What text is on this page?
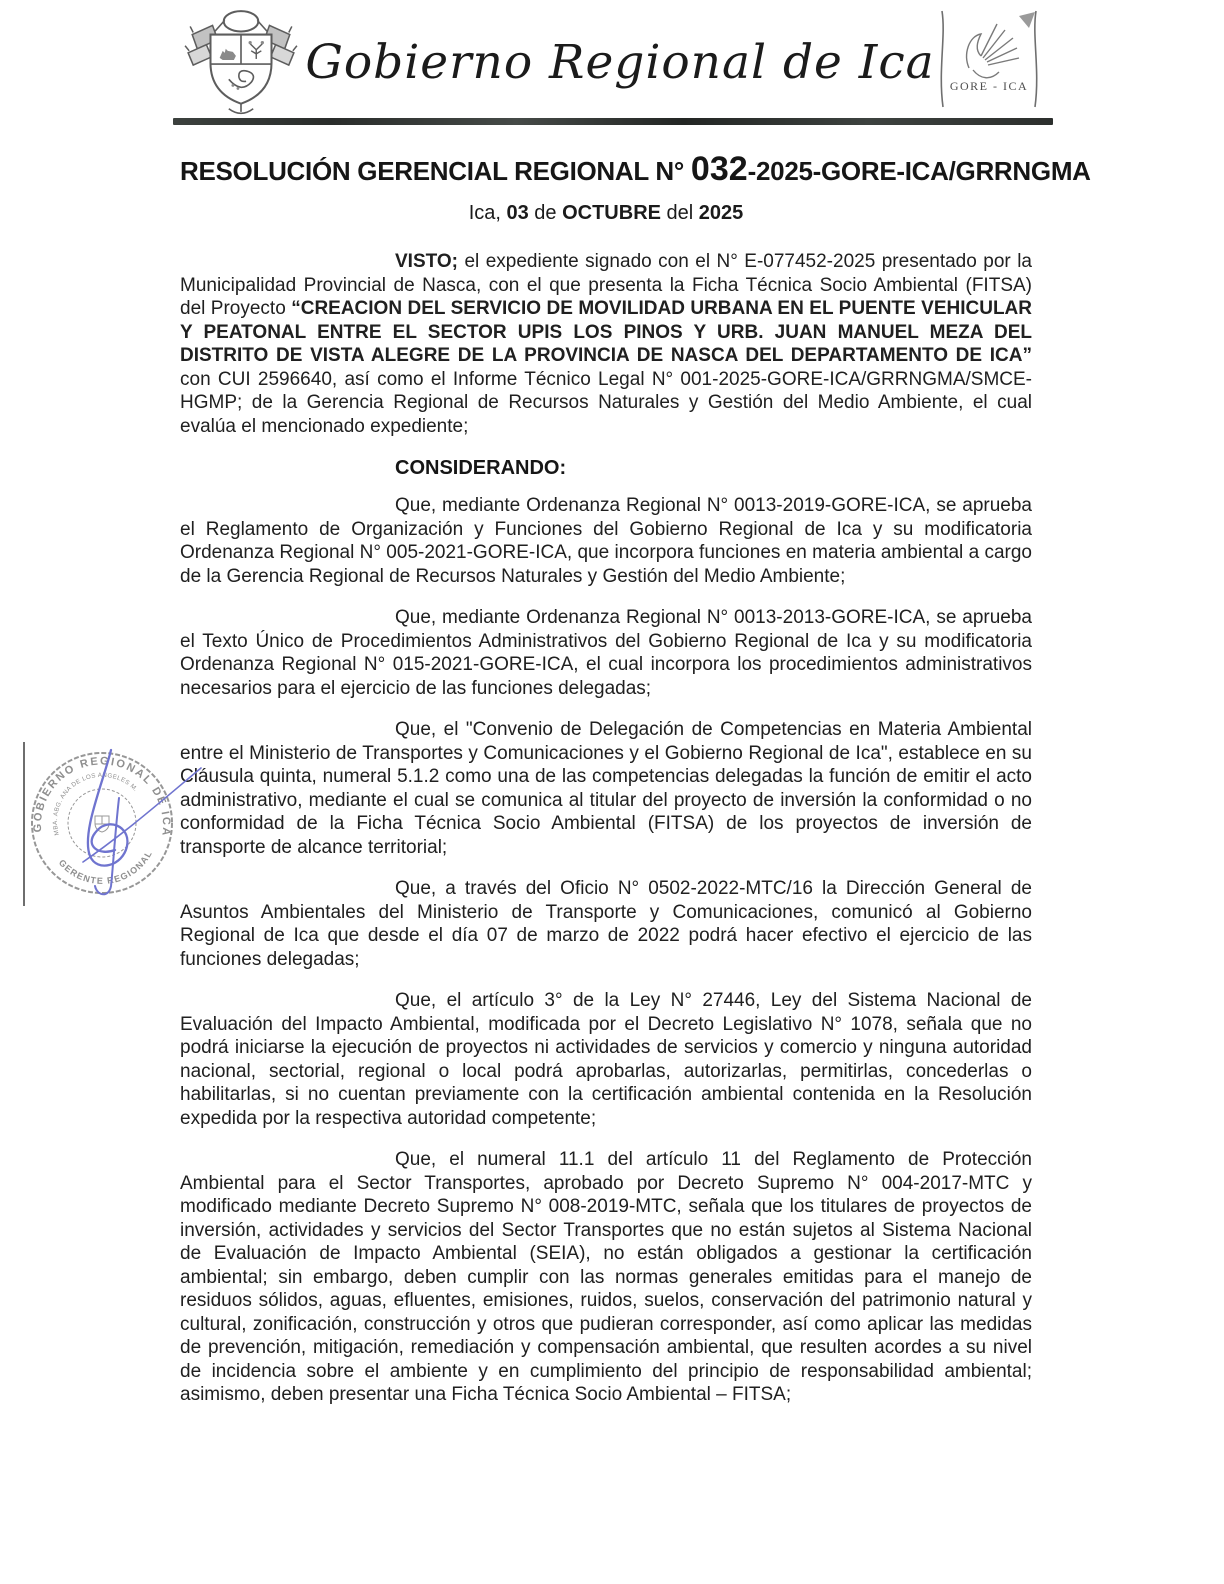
Gobierno Regional de Ica GORE - ICA
RESOLUCIÓN GERENCIAL REGIONAL N° 032-2025-GORE-ICA/GRRNGMA
Ica, 03 de OCTUBRE del 2025

VISTO; el expediente signado con el N° E-077452-2025 presentado por la Municipalidad Provincial de Nasca, con el que presenta la Ficha Técnica Socio Ambiental (FITSA) del Proyecto “CREACION DEL SERVICIO DE MOVILIDAD URBANA EN EL PUENTE VEHICULAR Y PEATONAL ENTRE EL SECTOR UPIS LOS PINOS Y URB. JUAN MANUEL MEZA DEL DISTRITO DE VISTA ALEGRE DE LA PROVINCIA DE NASCA DEL DEPARTAMENTO DE ICA” con CUI 2596640, así como el Informe Técnico Legal N° 001-2025-GORE-ICA/GRRNGMA/SMCE-HGMP; de la Gerencia Regional de Recursos Naturales y Gestión del Medio Ambiente, el cual evalúa el mencionado expediente;

CONSIDERANDO:

Que, mediante Ordenanza Regional N° 0013-2019-GORE-ICA, se aprueba el Reglamento de Organización y Funciones del Gobierno Regional de Ica y su modificatoria Ordenanza Regional N° 005-2021-GORE-ICA, que incorpora funciones en materia ambiental a cargo de la Gerencia Regional de Recursos Naturales y Gestión del Medio Ambiente;

Que, mediante Ordenanza Regional N° 0013-2013-GORE-ICA, se aprueba el Texto Único de Procedimientos Administrativos del Gobierno Regional de Ica y su modificatoria Ordenanza Regional N° 015-2021-GORE-ICA, el cual incorpora los procedimientos administrativos necesarios para el ejercicio de las funciones delegadas;

Que, el "Convenio de Delegación de Competencias en Materia Ambiental entre el Ministerio de Transportes y Comunicaciones y el Gobierno Regional de Ica", establece en su Cláusula quinta, numeral 5.1.2 como una de las competencias delegadas la función de emitir el acto administrativo, mediante el cual se comunica al titular del proyecto de inversión la conformidad o no conformidad de la Ficha Técnica Socio Ambiental (FITSA) de los proyectos de inversión de transporte de alcance territorial;

Que, a través del Oficio N° 0502-2022-MTC/16 la Dirección General de Asuntos Ambientales del Ministerio de Transporte y Comunicaciones, comunicó al Gobierno Regional de Ica que desde el día 07 de marzo de 2022 podrá hacer efectivo el ejercicio de las funciones delegadas;

Que, el artículo 3° de la Ley N° 27446, Ley del Sistema Nacional de Evaluación del Impacto Ambiental, modificada por el Decreto Legislativo N° 1078, señala que no podrá iniciarse la ejecución de proyectos ni actividades de servicios y comercio y ninguna autoridad nacional, sectorial, regional o local podrá aprobarlas, autorizarlas, permitirlas, concederlas o habilitarlas, si no cuentan previamente con la certificación ambiental contenida en la Resolución expedida por la respectiva autoridad competente;

Que, el numeral 11.1 del artículo 11 del Reglamento de Protección Ambiental para el Sector Transportes, aprobado por Decreto Supremo N° 004-2017-MTC y modificado mediante Decreto Supremo N° 008-2019-MTC, señala que los titulares de proyectos de inversión, actividades y servicios del Sector Transportes que no están sujetos al Sistema Nacional de Evaluación de Impacto Ambiental (SEIA), no están obligados a gestionar la certificación ambiental; sin embargo, deben cumplir con las normas generales emitidas para el manejo de residuos sólidos, aguas, efluentes, emisiones, ruidos, suelos, conservación del patrimonio natural y cultural, zonificación, construcción y otros que pudieran corresponder, así como aplicar las medidas de prevención, mitigación, remediación y compensación ambiental, que resulten acordes a su nivel de incidencia sobre el ambiente y en cumplimiento del principio de responsabilidad ambiental; asimismo, deben presentar una Ficha Técnica Socio Ambiental – FITSA;

GOBIERNO REGIONAL DE ICA
MBA. ABG. ANA DE LOS ANGELES M.
GERENTE REGIONAL
